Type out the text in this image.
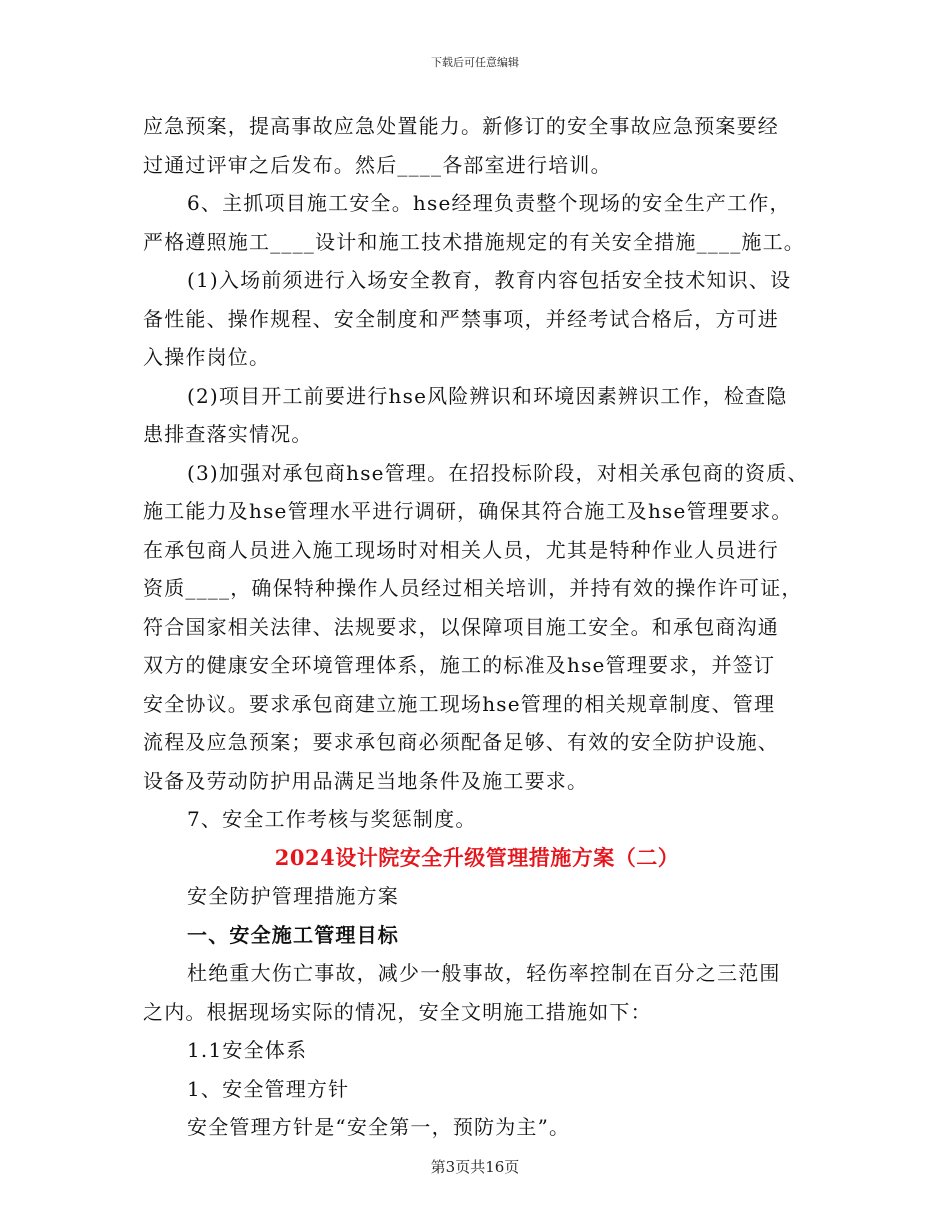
下载后可任意编辑
应急预案，提高事故应急处置能力。新修订的安全事故应急预案要经
过通过评审之后发布。然后____各部室进行培训。
6、主抓项目施工安全。hse经理负责整个现场的安全生产工作，
严格遵照施工____设计和施工技术措施规定的有关安全措施____施工。
(1)入场前须进行入场安全教育，教育内容包括安全技术知识、设
备性能、操作规程、安全制度和严禁事项，并经考试合格后，方可进
入操作岗位。
(2)项目开工前要进行hse风险辨识和环境因素辨识工作，检查隐
患排查落实情况。
(3)加强对承包商hse管理。在招投标阶段，对相关承包商的资质、
施工能力及hse管理水平进行调研，确保其符合施工及hse管理要求。
在承包商人员进入施工现场时对相关人员，尤其是特种作业人员进行
资质____，确保特种操作人员经过相关培训，并持有效的操作许可证，
符合国家相关法律、法规要求，以保障项目施工安全。和承包商沟通
双方的健康安全环境管理体系，施工的标准及hse管理要求，并签订
安全协议。要求承包商建立施工现场hse管理的相关规章制度、管理
流程及应急预案；要求承包商必须配备足够、有效的安全防护设施、
设备及劳动防护用品满足当地条件及施工要求。
7、安全工作考核与奖惩制度。
2024设计院安全升级管理措施方案（二）
安全防护管理措施方案
一、安全施工管理目标
杜绝重大伤亡事故，减少一般事故，轻伤率控制在百分之三范围
之内。根据现场实际的情况，安全文明施工措施如下：
1.1安全体系
1、安全管理方针
安全管理方针是“安全第一，预防为主”。
第3页共16页
